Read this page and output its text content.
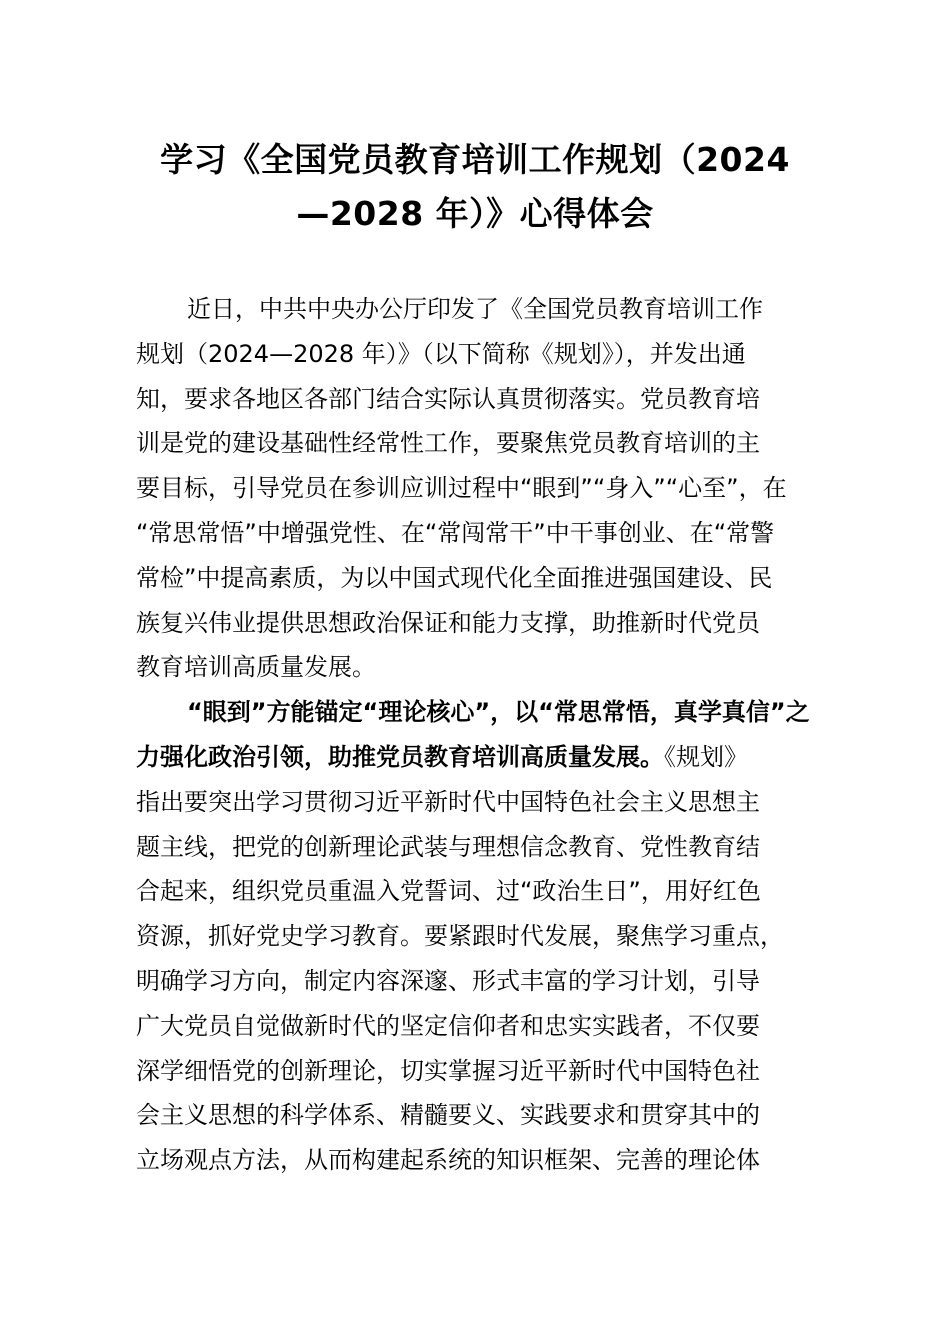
学习《全国党员教育培训工作规划（2024
—2028 年）》心得体会
近日，中共中央办公厅印发了《全国党员教育培训工作
规划（2024—2028 年）》（以下简称《规划》），并发出通
知，要求各地区各部门结合实际认真贯彻落实。党员教育培
训是党的建设基础性经常性工作，要聚焦党员教育培训的主
要目标，引导党员在参训应训过程中“眼到”“身入”“心至”，在
“常思常悟”中增强党性、在“常闯常干”中干事创业、在“常警
常检”中提高素质，为以中国式现代化全面推进强国建设、民
族复兴伟业提供思想政治保证和能力支撑，助推新时代党员
教育培训高质量发展。
“眼到”方能锚定“理论核心”，以“常思常悟，真学真信”之
力强化政治引领，助推党员教育培训高质量发展。《规划》
指出要突出学习贯彻习近平新时代中国特色社会主义思想主
题主线，把党的创新理论武装与理想信念教育、党性教育结
合起来，组织党员重温入党誓词、过“政治生日”，用好红色
资源，抓好党史学习教育。要紧跟时代发展，聚焦学习重点，
明确学习方向，制定内容深邃、形式丰富的学习计划，引导
广大党员自觉做新时代的坚定信仰者和忠实实践者，不仅要
深学细悟党的创新理论，切实掌握习近平新时代中国特色社
会主义思想的科学体系、精髓要义、实践要求和贯穿其中的
立场观点方法，从而构建起系统的知识框架、完善的理论体
